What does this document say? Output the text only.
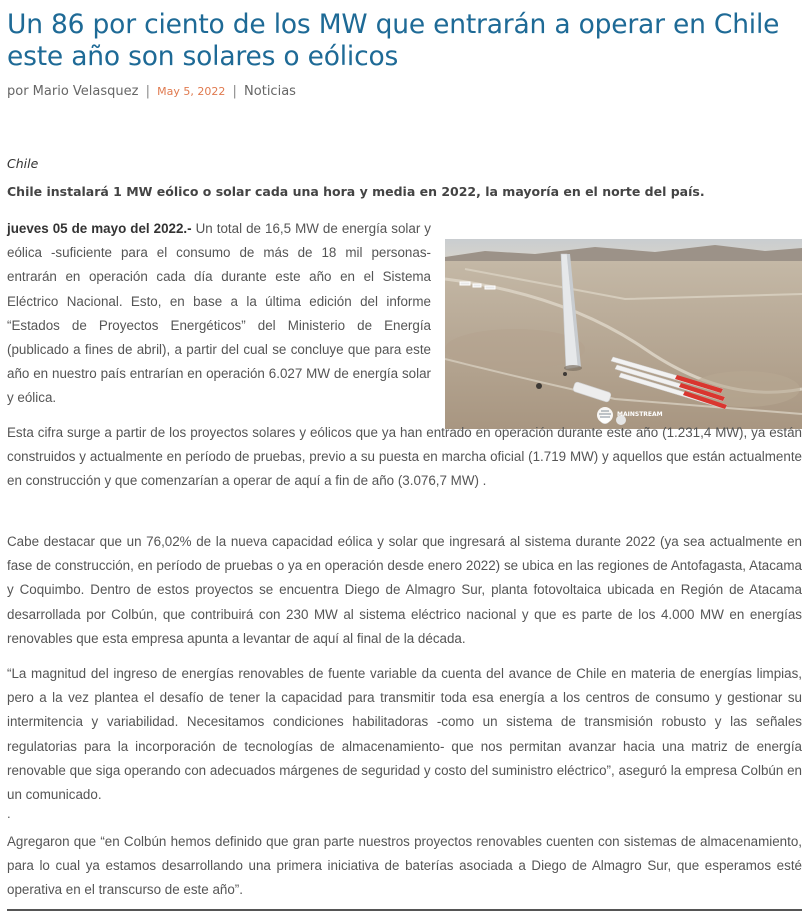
Un 86 por ciento de los MW que entrarán a operar en Chile este año son solares o eólicos
por Mario Velasquez | May 5, 2022 | Noticias
Chile
Chile instalará 1 MW eólico o solar cada una hora y media en 2022, la mayoría en el norte del país.

jueves 05 de mayo del 2022.- Un total de 16,5 MW de energía solar y eólica -suficiente para el consumo de más de 18 mil personas- entrarán en operación cada día durante este año en el Sistema Eléctrico Nacional. Esto, en base a la última edición del informe “Estados de Proyectos Energéticos” del Ministerio de Energía (publicado a fines de abril), a partir del cual se concluye que para este año en nuestro país entrarían en operación 6.027 MW de energía solar y eólica.

MAINSTREAM

Esta cifra surge a partir de los proyectos solares y eólicos que ya han entrado en operación durante este año (1.231,4 MW), ya están construidos y actualmente en período de pruebas, previo a su puesta en marcha oficial (1.719 MW) y aquellos que están actualmente en construcción y que comenzarían a operar de aquí a fin de año (3.076,7 MW) .

Cabe destacar que un 76,02% de la nueva capacidad eólica y solar que ingresará al sistema durante 2022 (ya sea actualmente en fase de construcción, en período de pruebas o ya en operación desde enero 2022) se ubica en las regiones de Antofagasta, Atacama y Coquimbo. Dentro de estos proyectos se encuentra Diego de Almagro Sur, planta fotovoltaica ubicada en Región de Atacama desarrollada por Colbún, que contribuirá con 230 MW al sistema eléctrico nacional y que es parte de los 4.000 MW en energías renovables que esta empresa apunta a levantar de aquí al final de la década.

“La magnitud del ingreso de energías renovables de fuente variable da cuenta del avance de Chile en materia de energías limpias, pero a la vez plantea el desafío de tener la capacidad para transmitir toda esa energía a los centros de consumo y gestionar su intermitencia y variabilidad. Necesitamos condiciones habilitadoras -como un sistema de transmisión robusto y las señales regulatorias para la incorporación de tecnologías de almacenamiento- que nos permitan avanzar hacia una matriz de energía renovable que siga operando con adecuados márgenes de seguridad y costo del suministro eléctrico”, aseguró la empresa Colbún en un comunicado.

.

Agregaron que “en Colbún hemos definido que gran parte nuestros proyectos renovables cuenten con sistemas de almacenamiento, para lo cual ya estamos desarrollando una primera iniciativa de baterías asociada a Diego de Almagro Sur, que esperamos esté operativa en el transcurso de este año”.
